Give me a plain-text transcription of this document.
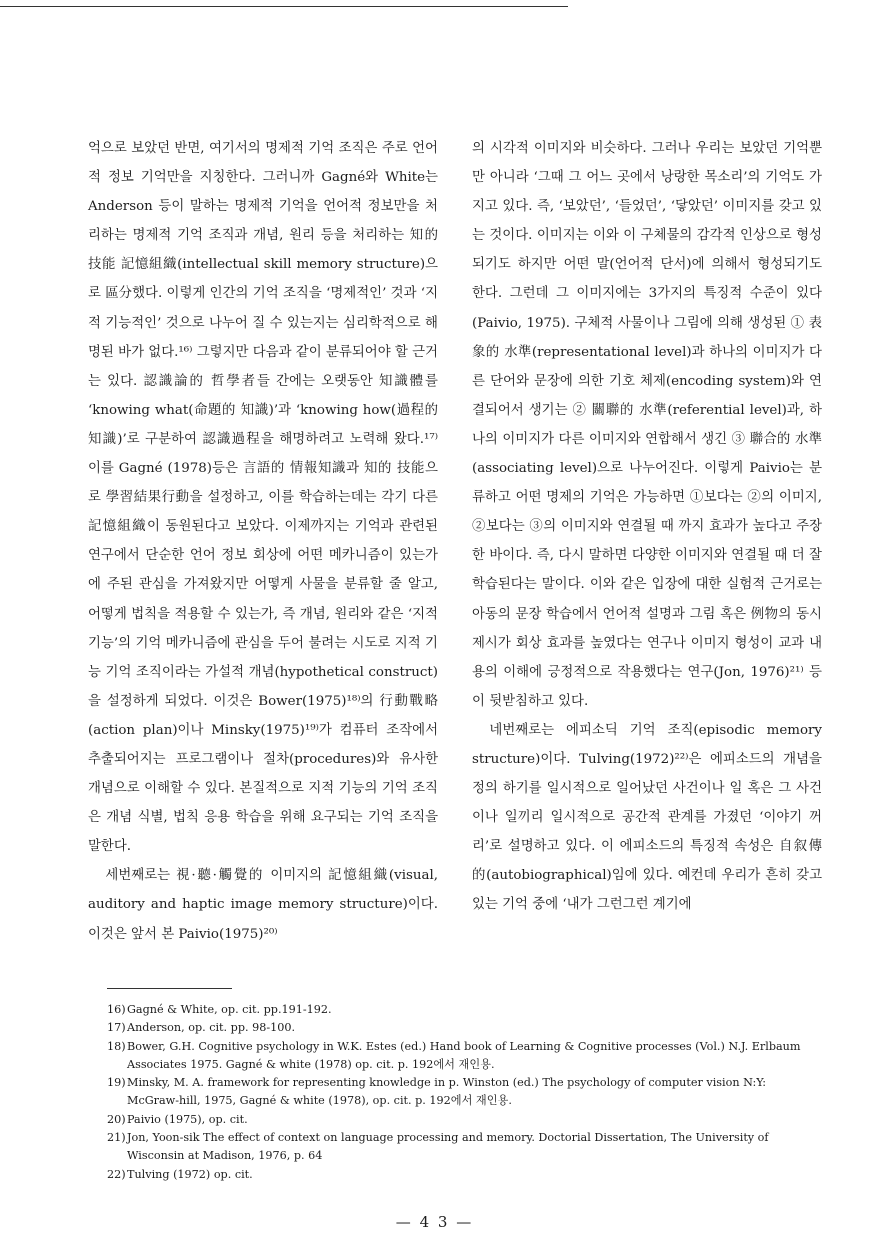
억으로 보았던 반면, 여기서의 명제적 기억 조직은 주로 언어적 정보 기억만을 지칭한다. 그러니까 Gagné와 White는 Anderson 등이 말하는 명제적 기억을 언어적 정보만을 처리하는 명제적 기억 조직과 개념, 원리 등을 처리하는 知的 技能 記憶組織(intellectual skill memory structure)으로 區分했다. 이렇게 인간의 기억 조직을 ‘명제적인’ 것과 ‘지적 기능적인’ 것으로 나누어 질 수 있는지는 심리학적으로 해명된 바가 없다.¹⁶⁾ 그렇지만 다음과 같이 분류되어야 할 근거는 있다. 認識論的 哲學者들 간에는 오랫동안 知識體를 ‘knowing what(命題的 知識)’과 ‘knowing how(過程的 知識)’로 구분하여 認識過程을 해명하려고 노력해 왔다.¹⁷⁾ 이를 Gagné (1978)등은 言語的 情報知識과 知的 技能으로 學習結果行動을 설정하고, 이를 학습하는데는 각기 다른 記憶組織이 동원된다고 보았다. 이제까지는 기억과 관련된 연구에서 단순한 언어 정보 회상에 어떤 메카니즘이 있는가에 주된 관심을 가져왔지만 어떻게 사물을 분류할 줄 알고, 어떻게 법칙을 적용할 수 있는가, 즉 개념, 원리와 같은 ‘지적 기능’의 기억 메카니즘에 관심을 두어 불려는 시도로 지적 기능 기억 조직이라는 가설적 개념(hypothetical construct)을 설정하게 되었다. 이것은 Bower(1975)¹⁸⁾의 行動戰略(action plan)이나 Minsky(1975)¹⁹⁾가 컴퓨터 조작에서 추출되어지는 프로그램이나 절차(procedures)와 유사한 개념으로 이해할 수 있다. 본질적으로 지적 기능의 기억 조직은 개념 식별, 법칙 응용 학습을 위해 요구되는 기억 조직을 말한다.

세번째로는 視·聽·觸覺的 이미지의 記憶組織(visual, auditory and haptic image memory structure)이다. 이것은 앞서 본 Paivio(1975)²⁰⁾

의 시각적 이미지와 비슷하다. 그러나 우리는 보았던 기억뿐만 아니라 ‘그때 그 어느 곳에서 낭랑한 목소리’의 기억도 가지고 있다. 즉, ‘보았던’, ‘들었던’, ‘닿았던’ 이미지를 갖고 있는 것이다. 이미지는 이와 이 구체물의 감각적 인상으로 형성되기도 하지만 어떤 말(언어적 단서)에 의해서 형성되기도 한다. 그런데 그 이미지에는 3가지의 특징적 수준이 있다(Paivio, 1975). 구체적 사물이나 그림에 의해 생성된 ① 表象的 水準(representational level)과 하나의 이미지가 다른 단어와 문장에 의한 기호 체제(encoding system)와 연결되어서 생기는 ② 關聯的 水準(referential level)과, 하나의 이미지가 다른 이미지와 연합해서 생긴 ③ 聯合的 水準(associating level)으로 나누어진다. 이렇게 Paivio는 분류하고 어떤 명제의 기억은 가능하면 ①보다는 ②의 이미지, ②보다는 ③의 이미지와 연결될 때 까지 효과가 높다고 주장한 바이다. 즉, 다시 말하면 다양한 이미지와 연결될 때 더 잘 학습된다는 말이다. 이와 같은 입장에 대한 실험적 근거로는 아동의 문장 학습에서 언어적 설명과 그림 혹은 例物의 동시 제시가 회상 효과를 높였다는 연구나 이미지 형성이 교과 내용의 이해에 긍정적으로 작용했다는 연구(Jon, 1976)²¹⁾ 등이 뒷받침하고 있다.

네번째로는 에피소딕 기억 조직(episodic memory structure)이다. Tulving(1972)²²⁾은 에피소드의 개념을 정의 하기를 일시적으로 일어났던 사건이나 일 혹은 그 사건이나 일끼리 일시적으로 공간적 관계를 가졌던 ‘이야기 꺼리’로 설명하고 있다. 이 에피소드의 특징적 속성은 自叙傳的(autobiographical)임에 있다. 예컨데 우리가 흔히 갖고 있는 기억 중에 ‘내가 그런그런 계기에

16) Gagné & White, op. cit. pp.191-192.
17) Anderson, op. cit. pp. 98-100.
18) Bower, G.H. Cognitive psychology in W.K. Estes (ed.) Hand book of Learning & Cognitive processes (Vol.) N.J. Erlbaum Associates 1975. Gagné & white (1978) op. cit. p. 192에서 재인용.
19) Minsky, M. A. framework for representing knowledge in p. Winston (ed.) The psychology of computer vision N:Y: McGraw-hill, 1975, Gagné & white (1978), op. cit. p. 192에서 재인용.
20) Paivio (1975), op. cit.
21) Jon, Yoon-sik The effect of context on language processing and memory. Doctorial Dissertation, The University of Wisconsin at Madison, 1976, p. 64
22) Tulving (1972) op. cit.
— 4 3 —
